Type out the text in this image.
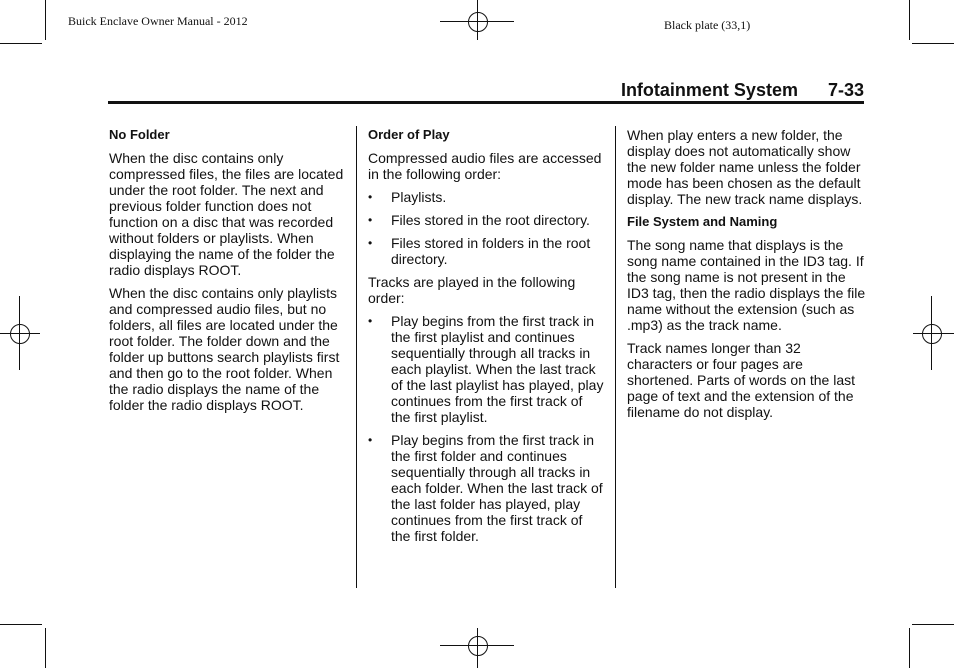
Buick Enclave Owner Manual - 2012	Black plate (33,1)
Infotainment System 7-33
No Folder

When the disc contains only compressed files, the files are located under the root folder. The next and previous folder function does not function on a disc that was recorded without folders or playlists. When displaying the name of the folder the radio displays ROOT.

When the disc contains only playlists and compressed audio files, but no folders, all files are located under the root folder. The folder down and the folder up buttons search playlists first and then go to the root folder. When the radio displays the name of the folder the radio displays ROOT.

Order of Play

Compressed audio files are accessed in the following order:

• Playlists.
• Files stored in the root directory.
• Files stored in folders in the root directory.

Tracks are played in the following order:

• Play begins from the first track in the first playlist and continues sequentially through all tracks in each playlist. When the last track of the last playlist has played, play continues from the first track of the first playlist.
• Play begins from the first track in the first folder and continues sequentially through all tracks in each folder. When the last track of the last folder has played, play continues from the first track of the first folder.

When play enters a new folder, the display does not automatically show the new folder name unless the folder mode has been chosen as the default display. The new track name displays.

File System and Naming

The song name that displays is the song name contained in the ID3 tag. If the song name is not present in the ID3 tag, then the radio displays the file name without the extension (such as .mp3) as the track name.

Track names longer than 32 characters or four pages are shortened. Parts of words on the last page of text and the extension of the filename do not display.
